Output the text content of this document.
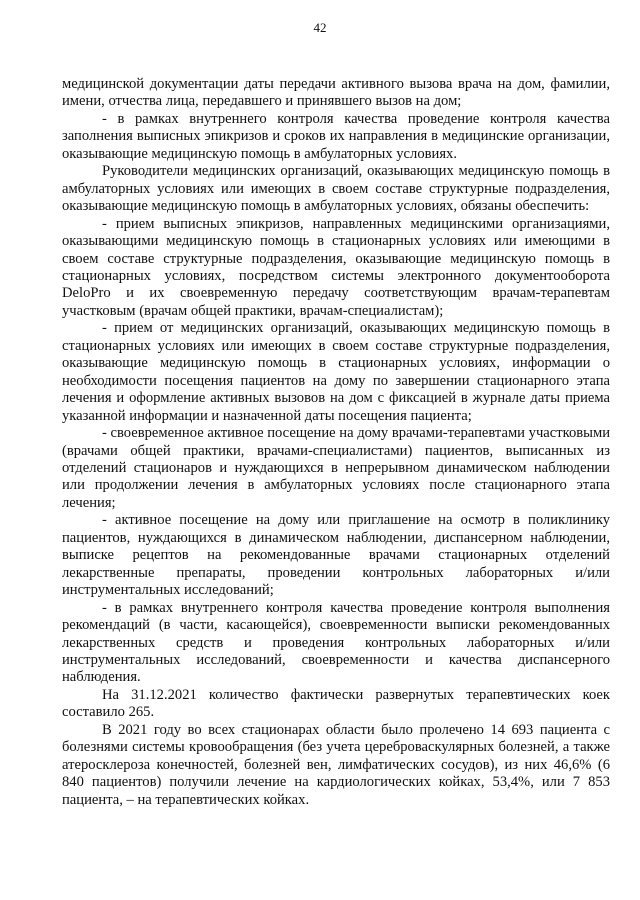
42

медицинской документации даты передачи активного вызова врача на дом, фамилии, имени, отчества лица, передавшего и принявшего вызов на дом;

- в рамках внутреннего контроля качества проведение контроля качества заполнения выписных эпикризов и сроков их направления в медицинские организации, оказывающие медицинскую помощь в амбулаторных условиях.

Руководители медицинских организаций, оказывающих медицинскую помощь в амбулаторных условиях или имеющих в своем составе структурные подразделения, оказывающие медицинскую помощь в амбулаторных условиях, обязаны обеспечить:

- прием выписных эпикризов, направленных медицинскими организациями, оказывающими медицинскую помощь в стационарных условиях или имеющими в своем составе структурные подразделения, оказывающие медицинскую помощь в стационарных условиях, посредством системы электронного документооборота DeloPro и их своевременную передачу соответствующим врачам-терапевтам участковым (врачам общей практики, врачам-специалистам);

- прием от медицинских организаций, оказывающих медицинскую помощь в стационарных условиях или имеющих в своем составе структурные подразделения, оказывающие медицинскую помощь в стационарных условиях, информации о необходимости посещения пациентов на дому по завершении стационарного этапа лечения и оформление активных вызовов на дом с фиксацией в журнале даты приема указанной информации и назначенной даты посещения пациента;

- своевременное активное посещение на дому врачами-терапевтами участковыми (врачами общей практики, врачами-специалистами) пациентов, выписанных из отделений стационаров и нуждающихся в непрерывном динамическом наблюдении или продолжении лечения в амбулаторных условиях после стационарного этапа лечения;

- активное посещение на дому или приглашение на осмотр в поликлинику пациентов, нуждающихся в динамическом наблюдении, диспансерном наблюдении, выписке рецептов на рекомендованные врачами стационарных отделений лекарственные препараты, проведении контрольных лабораторных и/или инструментальных исследований;

- в рамках внутреннего контроля качества проведение контроля выполнения рекомендаций (в части, касающейся), своевременности выписки рекомендованных лекарственных средств и проведения контрольных лабораторных и/или инструментальных исследований, своевременности и качества диспансерного наблюдения.

На 31.12.2021 количество фактически развернутых терапевтических коек составило 265.

В 2021 году во всех стационарах области было пролечено 14 693 пациента с болезнями системы кровообращения (без учета цереброваскулярных болезней, а также атеросклероза конечностей, болезней вен, лимфатических сосудов), из них 46,6% (6 840 пациентов) получили лечение на кардиологических койках, 53,4%, или 7 853 пациента, – на терапевтических койках.
